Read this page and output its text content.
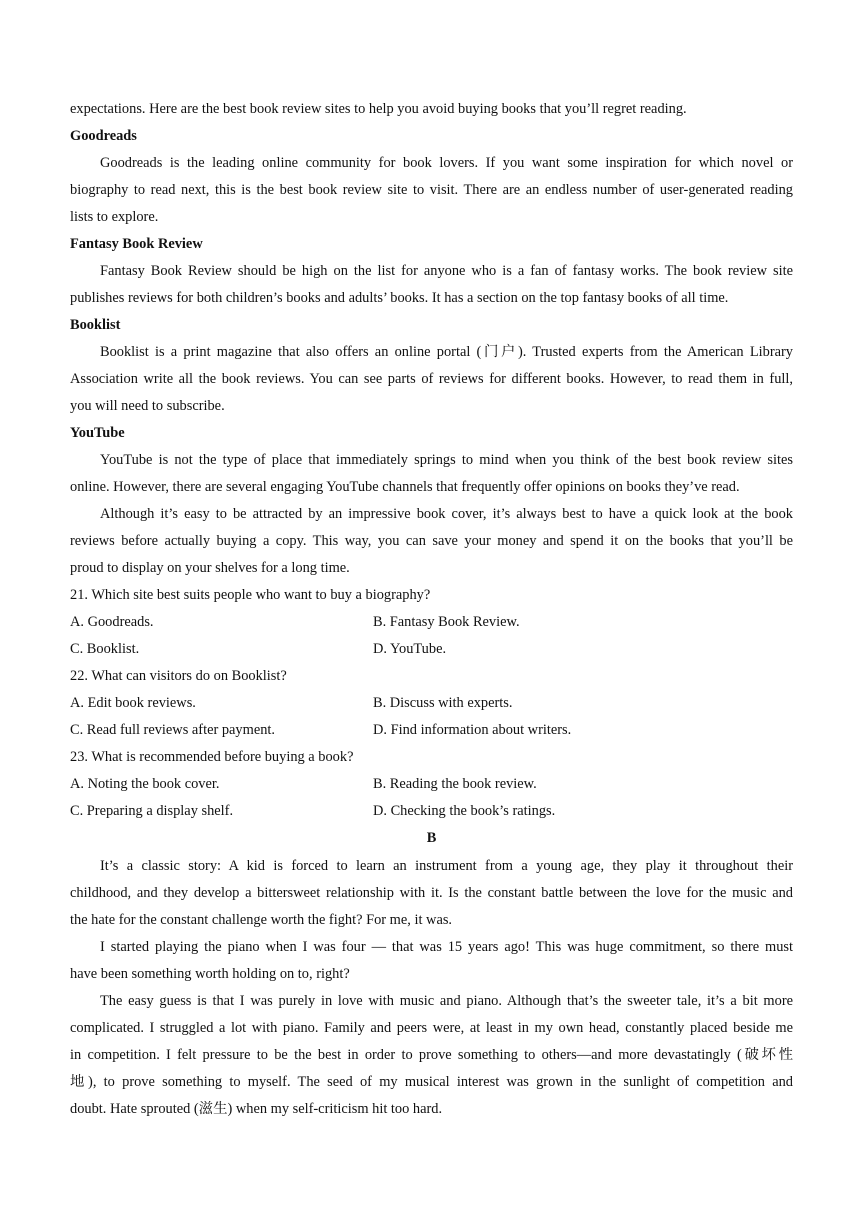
expectations. Here are the best book review sites to help you avoid buying books that you’ll regret reading.
Goodreads
Goodreads is the leading online community for book lovers. If you want some inspiration for which novel or
biography to read next, this is the best book review site to visit. There are an endless number of user-generated reading
lists to explore.
Fantasy Book Review
Fantasy Book Review should be high on the list for anyone who is a fan of fantasy works. The book review site
publishes reviews for both children’s books and adults’ books. It has a section on the top fantasy books of all time.
Booklist
Booklist is a print magazine that also offers an online portal (门户). Trusted experts from the American Library
Association write all the book reviews. You can see parts of reviews for different books. However, to read them in full,
you will need to subscribe.
YouTube
YouTube is not the type of place that immediately springs to mind when you think of the best book review sites
online. However, there are several engaging YouTube channels that frequently offer opinions on books they’ve read.
Although it’s easy to be attracted by an impressive book cover, it’s always best to have a quick look at the book
reviews before actually buying a copy. This way, you can save your money and spend it on the books that you’ll be
proud to display on your shelves for a long time.
21. Which site best suits people who want to buy a biography?
A. Goodreads.	B. Fantasy Book Review.
C. Booklist.	D. YouTube.
22. What can visitors do on Booklist?
A. Edit book reviews.	B. Discuss with experts.
C. Read full reviews after payment.	D. Find information about writers.
23. What is recommended before buying a book?
A. Noting the book cover.	B. Reading the book review.
C. Preparing a display shelf.	D. Checking the book’s ratings.
B
It’s a classic story: A kid is forced to learn an instrument from a young age, they play it throughout their
childhood, and they develop a bittersweet relationship with it. Is the constant battle between the love for the music and
the hate for the constant challenge worth the fight? For me, it was.
I started playing the piano when I was four — that was 15 years ago! This was huge commitment, so there must
have been something worth holding on to, right?
The easy guess is that I was purely in love with music and piano. Although that’s the sweeter tale, it’s a bit more
complicated. I struggled a lot with piano. Family and peers were, at least in my own head, constantly placed beside me
in competition. I felt pressure to be the best in order to prove something to others—and more devastatingly (破坏性
地), to prove something to myself. The seed of my musical interest was grown in the sunlight of competition and
doubt. Hate sprouted (滋生) when my self-criticism hit too hard.
